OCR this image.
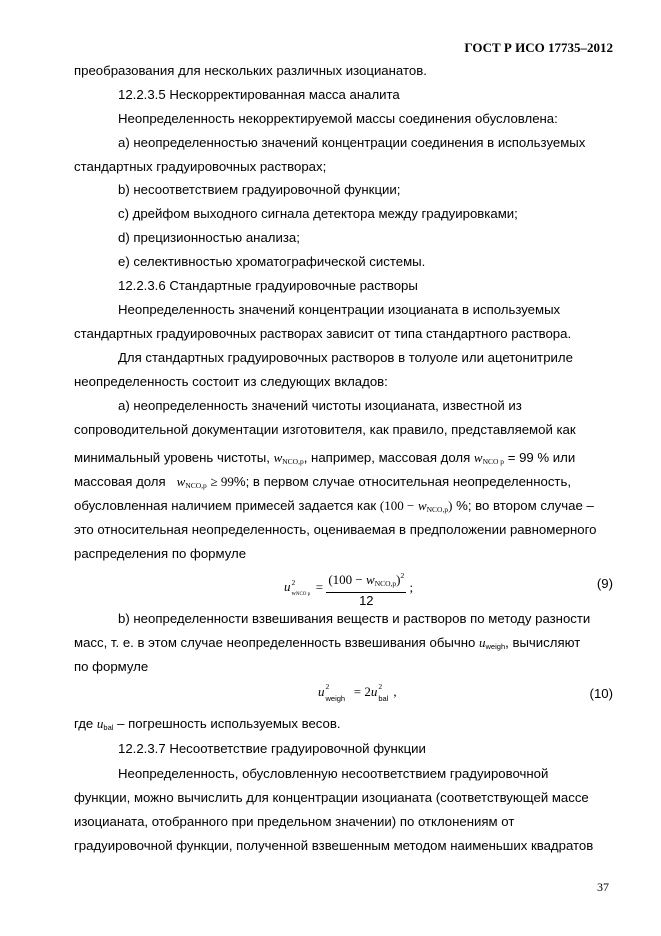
ГОСТ Р ИСО 17735–2012
преобразования для нескольких различных изоцианатов.
12.2.3.5 Нескорректированная масса аналита
Неопределенность некорректируемой массы соединения обусловлена:
а) неопределенностью значений концентрации соединения в используемых
стандартных градуировочных растворах;
b) несоответствием градуировочной функции;
c) дрейфом выходного сигнала детектора между градуировками;
d) прецизионностью анализа;
e) селективностью хроматографической системы.
12.2.3.6 Стандартные градуировочные растворы
Неопределенность значений концентрации изоцианата в используемых
стандартных градуировочных растворах зависит от типа стандартного раствора.
Для стандартных градуировочных растворов в толуоле или ацетонитриле
неопределенность состоит из следующих вкладов:
а) неопределенность значений чистоты изоцианата, известной из
сопроводительной документации изготовителя, как правило, представляемой как
минимальный уровень чистоты, $w_{NCO,p}$, например, массовая доля $w_{NCO p} = 99$ % или
массовая доля $w_{NCO,p} \ge 99\%$; в первом случае относительная неопределенность,
обусловленная наличием примесей задается как $(100 - w_{NCO,p})$ %; во втором случае –
это относительная неопределенность, оцениваемая в предположении равномерного
распределения по формуле
u 2
wNCO $p = \frac{(100 - w_{NCO,p})^2}{12}$ ;	(9)
b) неопределенности взвешивания веществ и растворов по методу разности
масс, т. е. в этом случае неопределенность взвешивания обычно uweigh, вычисляют
по формуле
u 2
weigh = 2u 2
bal ,	(10)
где ubal – погрешность используемых весов.
12.2.3.7 Несоответствие градуировочной функции
Неопределенность, обусловленную несоответствием градуировочной
функции, можно вычислить для концентрации изоцианата (соответствующей массе
изоцианата, отобранного при предельном значении) по отклонениям от
градуировочной функции, полученной взвешенным методом наименьших квадратов
37
